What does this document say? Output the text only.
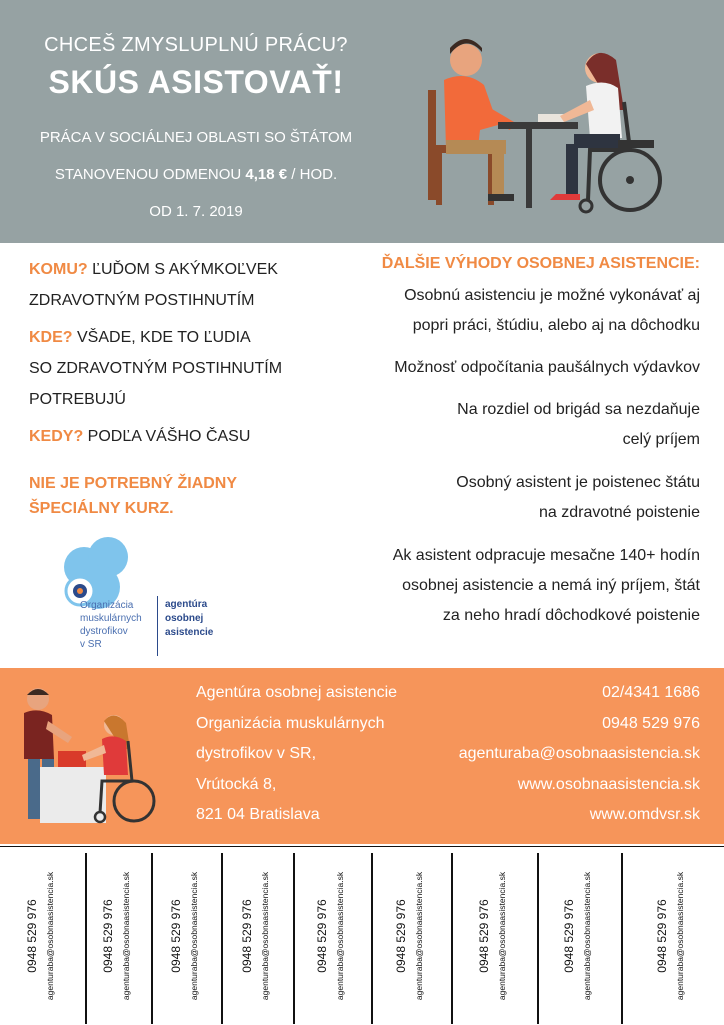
CHCEŠ ZMYSLUPLNÚ PRÁCU?
SKÚS ASISTOVAŤ!
PRÁCA V SOCIÁLNEJ OBLASTI SO ŠTÁTOM
STANOVENOU ODMENOU 4,18 € / HOD.
OD 1. 7. 2019
KOMU? ĽUĎOM S AKÝMKOĽVEK
ZDRAVOTNÝM POSTIHNUTÍM
KDE? VŠADE, KDE TO ĽUDIA
SO ZDRAVOTNÝM POSTIHNUTÍM
POTREBUJÚ
KEDY? PODĽA VÁŠHO ČASU
NIE JE POTREBNÝ ŽIADNY
ŠPECIÁLNY KURZ.
Organizácia
muskulárnych
dystrofikov
v SR
agentúra
osobnej
asistencie
ĎALŠIE VÝHODY OSOBNEJ ASISTENCIE:
Osobnú asistenciu je možné vykonávať aj
popri práci, štúdiu, alebo aj na dôchodku
Možnosť odpočítania paušálnych výdavkov
Na rozdiel od brigád sa nezdaňuje
celý príjem
Osobný asistent je poistenec štátu
na zdravotné poistenie
Ak asistent odpracuje mesačne 140+ hodín
osobnej asistencie a nemá iný príjem, štát
za neho hradí dôchodkové poistenie
Agentúra osobnej asistencie
Organizácia muskulárnych
dystrofikov v SR,
Vrútocká 8,
821 04 Bratislava
02/4341 1686
0948 529 976
agenturaba@osobnaasistencia.sk
www.osobnaasistencia.sk
www.omdvsr.sk
0948 529 976 agenturaba@osobnaasistencia.sk	0948 529 976 agenturaba@osobnaasistencia.sk	0948 529 976 agenturaba@osobnaasistencia.sk	0948 529 976 agenturaba@osobnaasistencia.sk	0948 529 976 agenturaba@osobnaasistencia.sk	0948 529 976 agenturaba@osobnaasistencia.sk	0948 529 976 agenturaba@osobnaasistencia.sk	0948 529 976 agenturaba@osobnaasistencia.sk	0948 529 976 agenturaba@osobnaasistencia.sk
